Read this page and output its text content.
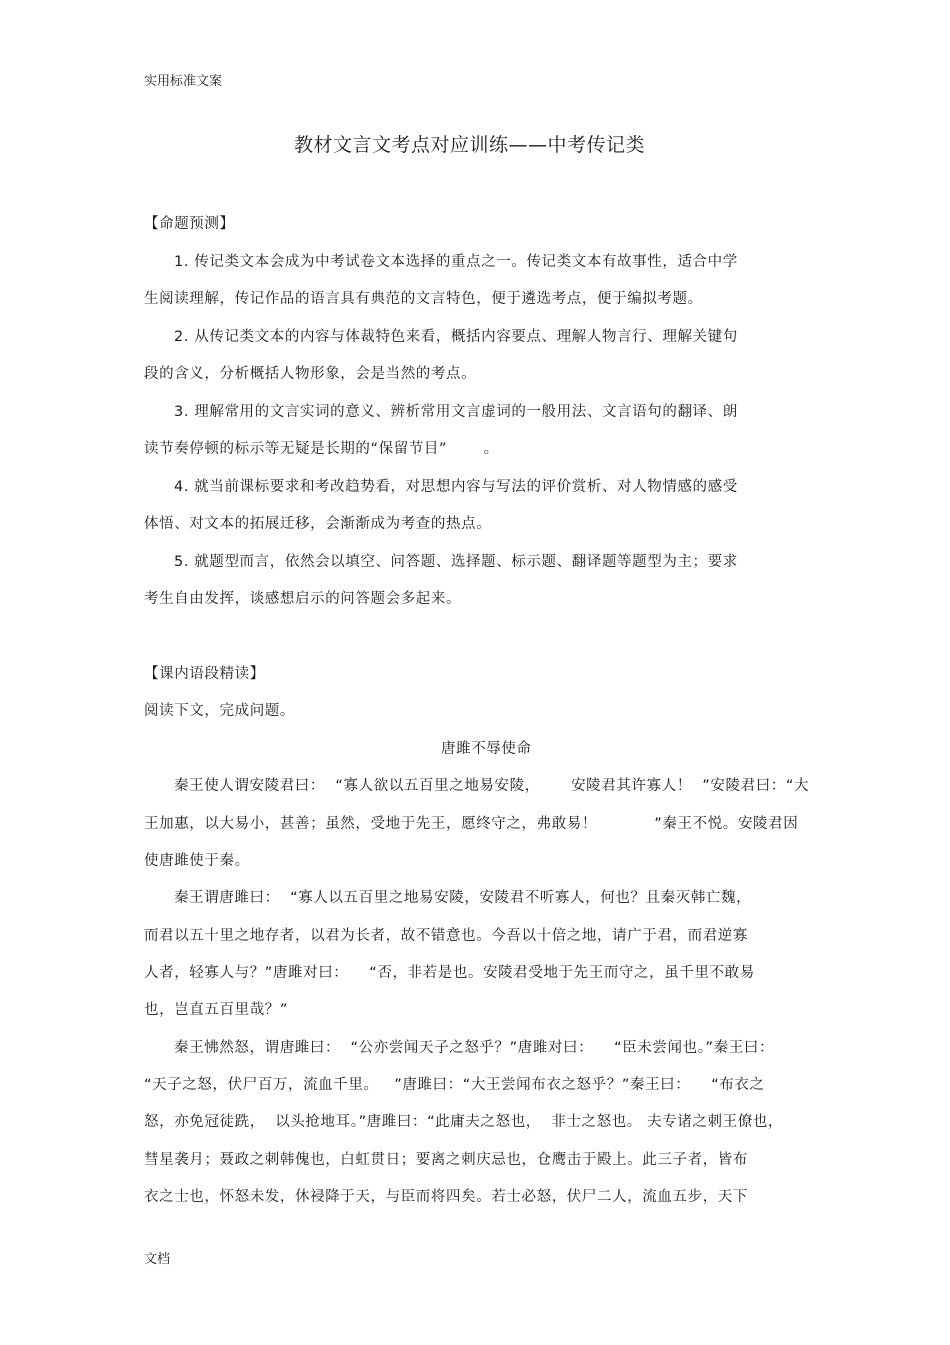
实用标准文案
教材文言文考点对应训练——中考传记类
【命题预测】
1. 传记类文本会成为中考试卷文本选择的重点之一。传记类文本有故事性，适合中学
生阅读理解，传记作品的语言具有典范的文言特色，便于遴选考点，便于编拟考题。
2. 从传记类文本的内容与体裁特色来看，概括内容要点、理解人物言行、理解关键句
段的含义，分析概括人物形象，会是当然的考点。
3. 理解常用的文言实词的意义、辨析常用文言虚词的一般用法、文言语句的翻译、朗
读节奏停顿的标示等无疑是长期的“保留节目”       。
4. 就当前课标要求和考改趋势看，对思想内容与写法的评价赏析、对人物情感的感受
体悟、对文本的拓展迁移，会渐渐成为考查的热点。
5. 就题型而言，依然会以填空、问答题、选择题、标示题、翻译题等题型为主；要求
考生自由发挥，谈感想启示的问答题会多起来。
【课内语段精读】
阅读下文，完成问题。
唐雎不辱使命
秦王使人谓安陵君曰：  “寡人欲以五百里之地易安陵，      安陵君其许寡人！  ”安陵君曰：“大
王加惠，以大易小，甚善；虽然，受地于先王，愿终守之，弗敢易！           ”秦王不悦。安陵君因
使唐雎使于秦。
秦王谓唐雎曰：  “寡人以五百里之地易安陵，安陵君不听寡人，何也？且秦灭韩亡魏，
而君以五十里之地存者，以君为长者，故不错意也。今吾以十倍之地，请广于君，而君逆寡
人者，轻寡人与？”唐雎对曰：    “否，非若是也。安陵君受地于先王而守之，虽千里不敢易
也，岂直五百里哉？”
秦王怫然怒，谓唐雎曰：  “公亦尝闻天子之怒乎？”唐雎对曰：    “臣未尝闻也。”秦王曰：
“天子之怒，伏尸百万，流血千里。   ”唐雎曰：“大王尝闻布衣之怒乎？”秦王曰：    “布衣之
怒，亦免冠徒跣，  以头抢地耳。”唐雎曰：“此庸夫之怒也，  非士之怒也。 夫专诸之刺王僚也，
彗星袭月；聂政之刺韩傀也，白虹贯日；要离之刺庆忌也，仓鹰击于殿上。此三子者，皆布
衣之士也，怀怒未发，休祲降于天，与臣而将四矣。若士必怒，伏尸二人，流血五步，天下
文档
